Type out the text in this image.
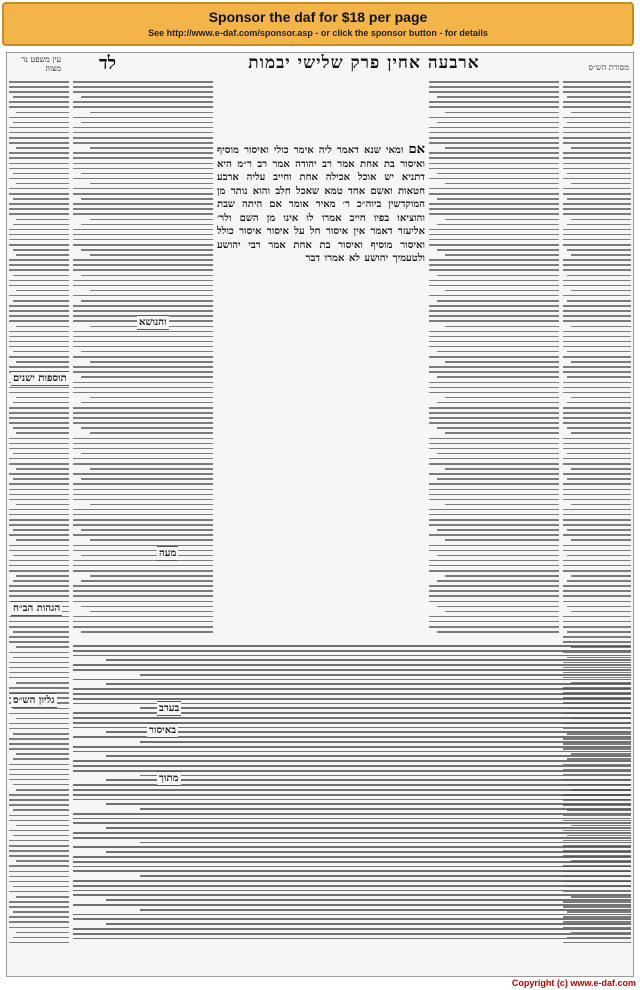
Sponsor the daf for $18 per page
See http://www.e-daf.com/sponsor.asp - or click the sponsor button - for details
מסורת הש״ס
ארבעה אחין פרק שלישי יבמות
לד
עין משפט נר מצוה
אם ומאי שנא דאמר ליה אימר כולי ואיסור מוסיף ואיסור בת אחת אמר רב יהודה אמר רב ר״מ היא דתניא יש אוכל אכילה אחת וחייב עליה ארבע חטאות ואשם אחד טמא שאכל חלב והוא נותר מן המוקדשין ביוה״כ ר׳ מאיר אומר אם היתה שבת והוציאו בפיו חייב אמרו לו אינו מן השם ולר׳ אליעזר דאמר אין איסור חל על איסור איסור כולל ואיסור מוסיף ואיסור בת אחת אמר רבי יהושע ולטעמיך יהושע לא אמרו דבר
תוספות ישנים
הגהות הב״ח
גליון הש״ס
והנושא
מעה
בערב
באיסור
מתוך
Copyright (c) www.e-daf.com
